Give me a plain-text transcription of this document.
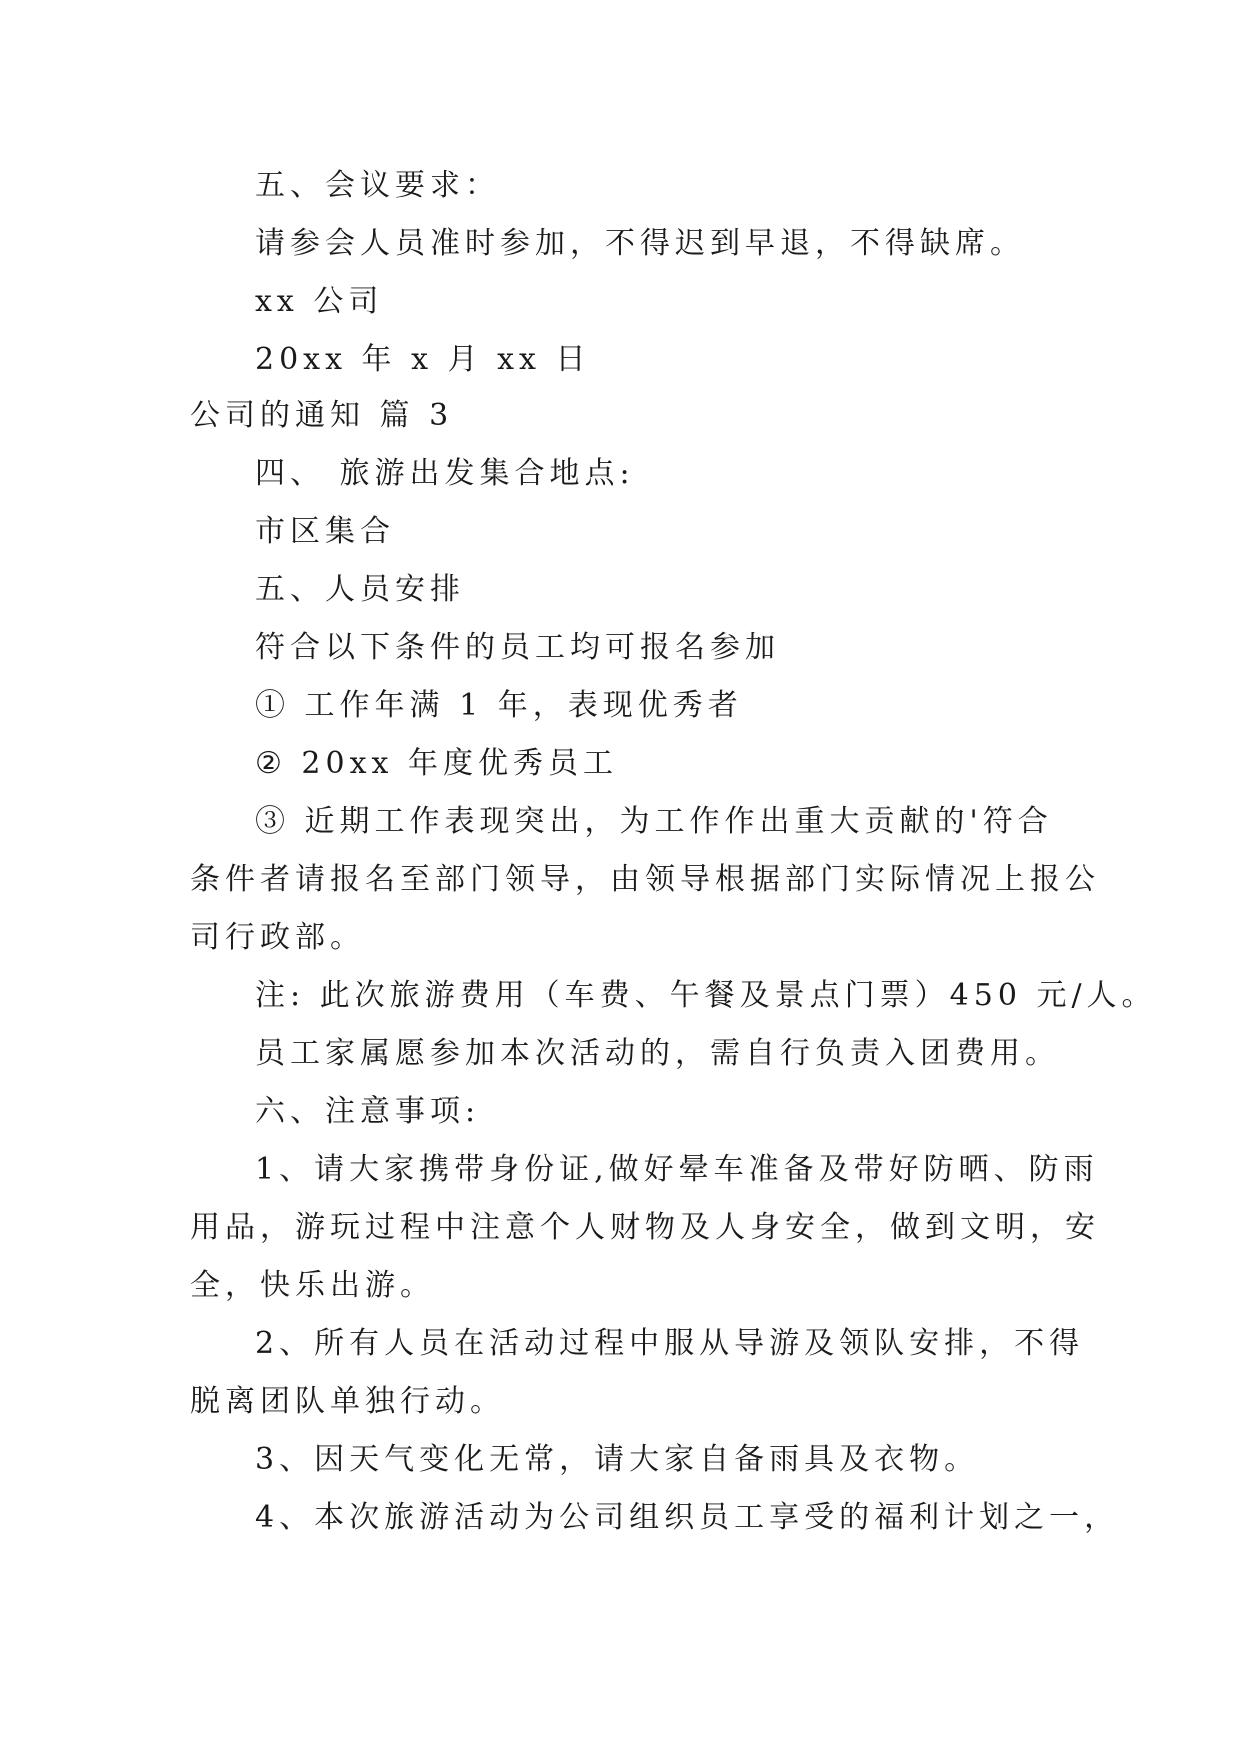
五、会议要求：
请参会人员准时参加，不得迟到早退，不得缺席。
xx 公司
20xx 年 x 月 xx 日
公司的通知 篇 3
四、 旅游出发集合地点:
市区集合
五、人员安排
符合以下条件的员工均可报名参加
① 工作年满 1 年，表现优秀者
② 20xx 年度优秀员工
③ 近期工作表现突出，为工作作出重大贡献的'符合
条件者请报名至部门领导，由领导根据部门实际情况上报公
司行政部。
注: 此次旅游费用（车费、午餐及景点门票）450 元/人。
员工家属愿参加本次活动的，需自行负责入团费用。
六、注意事项:
1、请大家携带身份证,做好晕车准备及带好防晒、防雨
用品，游玩过程中注意个人财物及人身安全，做到文明，安
全，快乐出游。
2、所有人员在活动过程中服从导游及领队安排，不得
脱离团队单独行动。
3、因天气变化无常，请大家自备雨具及衣物。
4、本次旅游活动为公司组织员工享受的福利计划之一，
